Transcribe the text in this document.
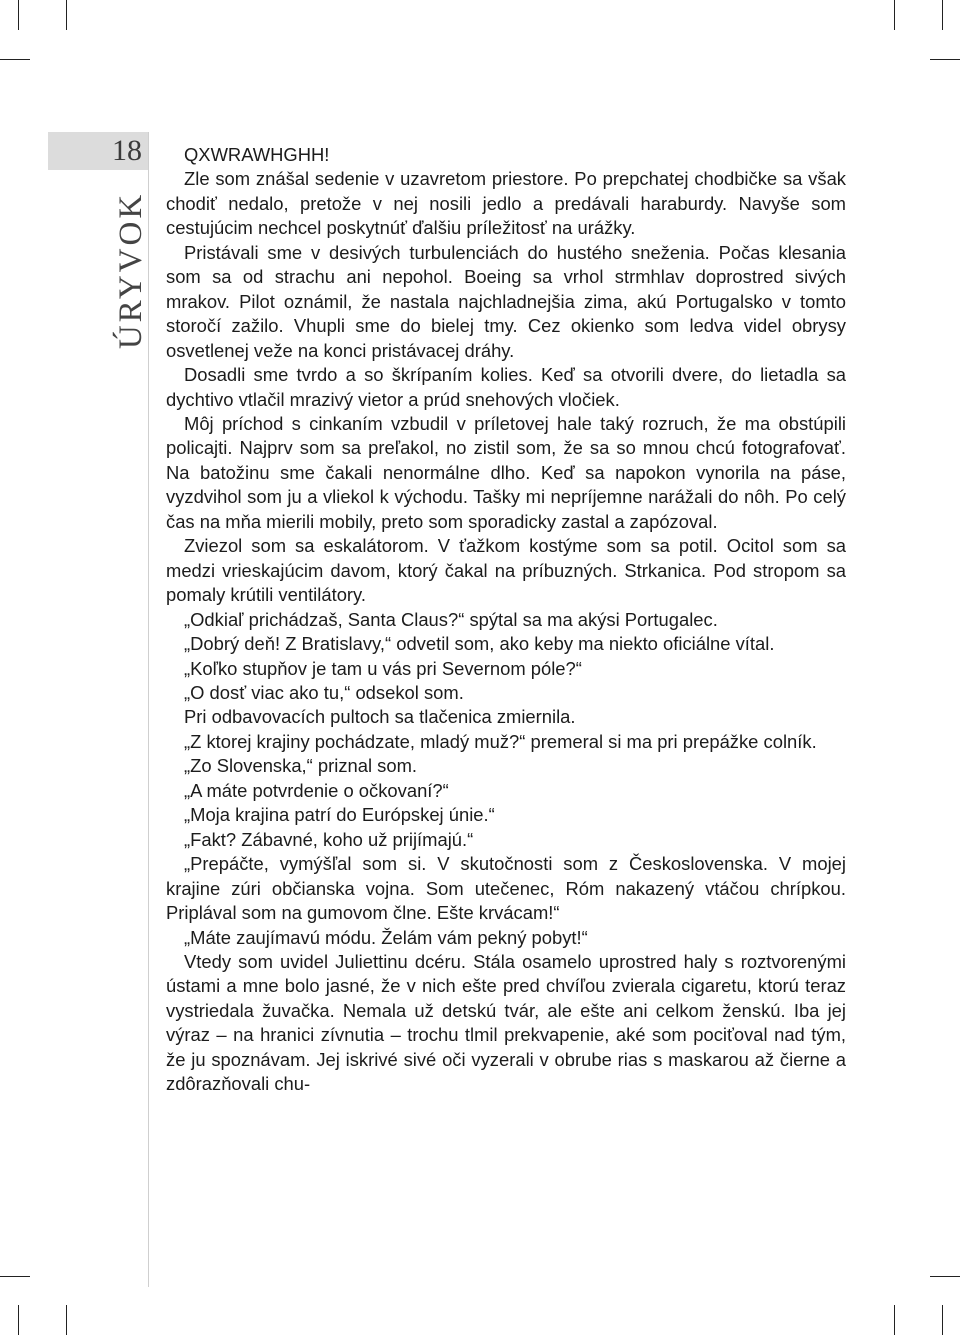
18
ÚRYVOK

QXWRAWHGHH!

Zle som znášal sedenie v uzavretom priestore. Po prepchatej chodbičke sa však chodiť nedalo, pretože v nej nosili jedlo a predávali haraburdy. Navyše som cestujúcim nechcel poskytnúť ďalšiu príležitosť na urážky.

Pristávali sme v desivých turbulenciách do hustého sneženia. Počas klesania som sa od strachu ani nepohol. Boeing sa vrhol strmhlav doprostred sivých mrakov. Pilot oznámil, že nastala najchladnejšia zima, akú Portugalsko v tomto storočí zažilo. Vhupli sme do bielej tmy. Cez okienko som ledva videl obrysy osvetlenej veže na konci pristávacej dráhy.

Dosadli sme tvrdo a so škrípaním kolies. Keď sa otvorili dvere, do lietadla sa dychtivo vtlačil mrazivý vietor a prúd snehových vločiek.

Môj príchod s cinkaním vzbudil v príletovej hale taký rozruch, že ma obstúpili policajti. Najprv som sa preľakol, no zistil som, že sa so mnou chcú fotografovať. Na batožinu sme čakali nenormálne dlho. Keď sa napokon vynorila na páse, vyzdvihol som ju a vliekol k východu. Tašky mi nepríjemne narážali do nôh. Po celý čas na mňa mierili mobily, preto som sporadicky zastal a zapózoval.

Zviezol som sa eskalátorom. V ťažkom kostýme som sa potil. Ocitol som sa medzi vrieskajúcim davom, ktorý čakal na príbuzných. Strkanica. Pod stropom sa pomaly krútili ventilátory.

„Odkiaľ prichádzaš, Santa Claus?“ spýtal sa ma akýsi Portugalec.

„Dobrý deň! Z Bratislavy,“ odvetil som, ako keby ma niekto oficiálne vítal.

„Koľko stupňov je tam u vás pri Severnom póle?“

„O dosť viac ako tu,“ odsekol som.

Pri odbavovacích pultoch sa tlačenica zmiernila.

„Z ktorej krajiny pochádzate, mladý muž?“ premeral si ma pri prepážke colník.

„Zo Slovenska,“ priznal som.

„A máte potvrdenie o očkovaní?“

„Moja krajina patrí do Európskej únie.“

„Fakt? Zábavné, koho už prijímajú.“

„Prepáčte, vymýšľal som si. V skutočnosti som z Československa. V mojej krajine zúri občianska vojna. Som utečenec, Róm nakazený vtáčou chrípkou. Priplával som na gumovom člne. Ešte krvácam!“

„Máte zaujímavú módu. Želám vám pekný pobyt!“

Vtedy som uvidel Juliettinu dcéru. Stála osamelo uprostred haly s roztvorenými ústami a mne bolo jasné, že v nich ešte pred chvíľou zvierala cigaretu, ktorú teraz vystriedala žuvačka. Nemala už detskú tvár, ale ešte ani celkom ženskú. Iba jej výraz – na hranici zívnutia – trochu tlmil prekvapenie, aké som pociťoval nad tým, že ju spoznávam. Jej iskrivé sivé oči vyzerali v obrube rias s maskarou až čierne a zdôrazňovali chu-
